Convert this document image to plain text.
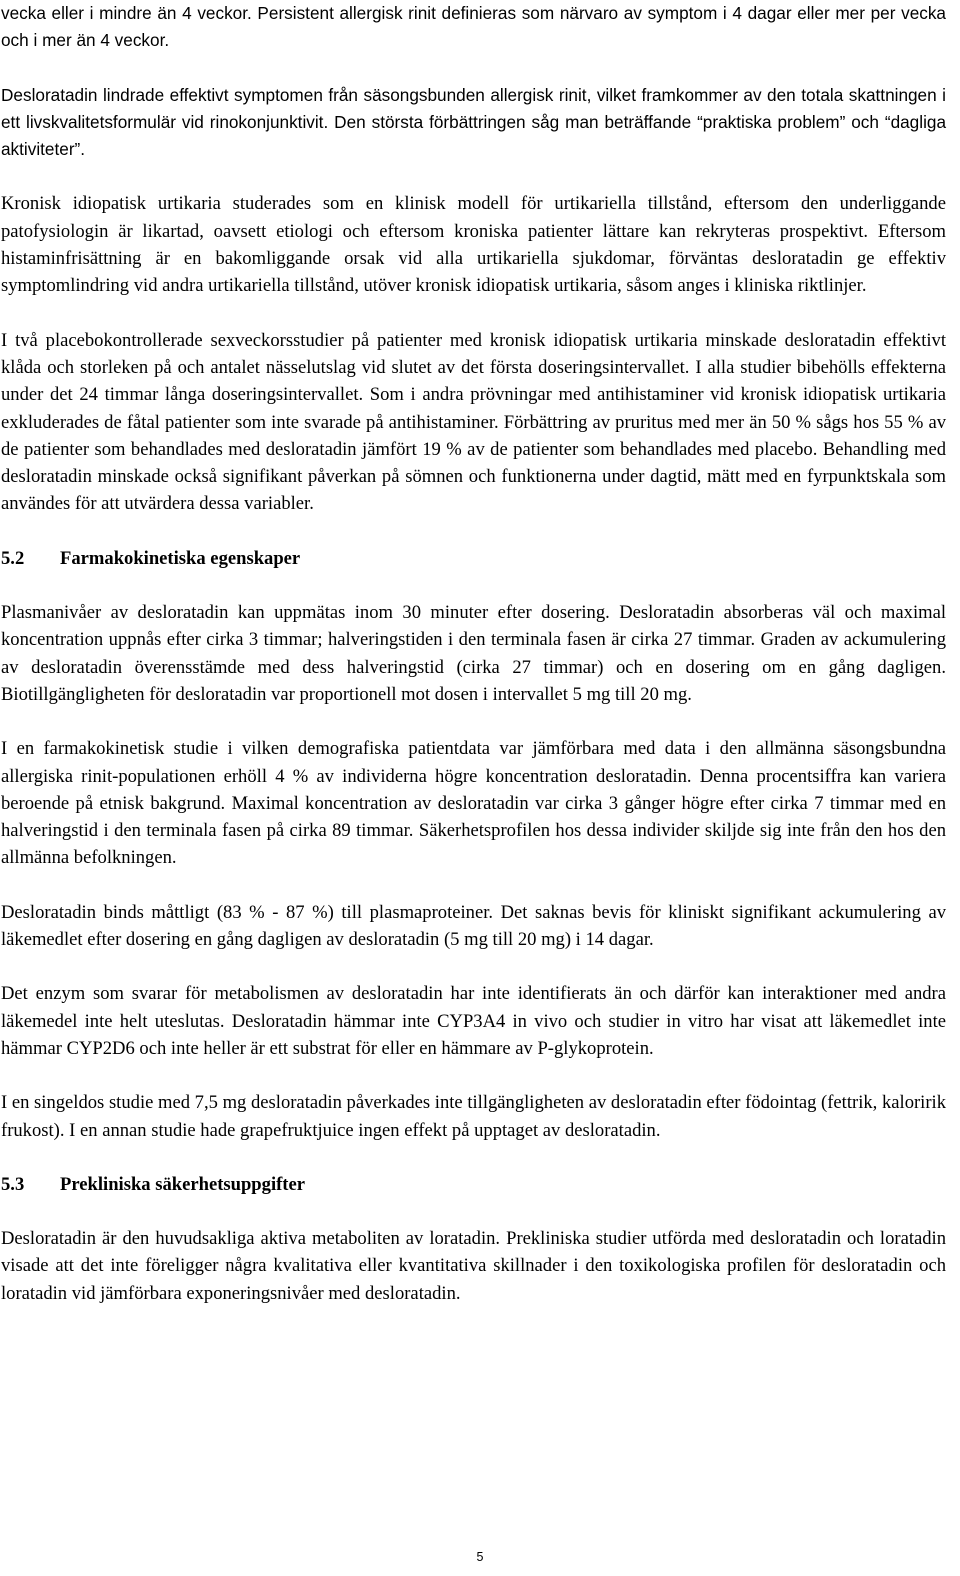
vecka eller i mindre än 4 veckor. Persistent allergisk rinit definieras som närvaro av symptom i 4 dagar eller mer per vecka och i mer än 4 veckor.

Desloratadin lindrade effektivt symptomen från säsongsbunden allergisk rinit, vilket framkommer av den totala skattningen i ett livskvalitetsformulär vid rinokonjunktivit. Den största förbättringen såg man beträffande “praktiska problem” och “dagliga aktiviteter”.

Kronisk idiopatisk urtikaria studerades som en klinisk modell för urtikariella tillstånd, eftersom den underliggande patofysiologin är likartad, oavsett etiologi och eftersom kroniska patienter lättare kan rekryteras prospektivt. Eftersom histaminfrisättning är en bakomliggande orsak vid alla urtikariella sjukdomar, förväntas desloratadin ge effektiv symptomlindring vid andra urtikariella tillstånd, utöver kronisk idiopatisk urtikaria, såsom anges i kliniska riktlinjer.

I två placebokontrollerade sexveckorsstudier på patienter med kronisk idiopatisk urtikaria minskade desloratadin effektivt klåda och storleken på och antalet nässelutslag vid slutet av det första doseringsintervallet. I alla studier bibehölls effekterna under det 24 timmar långa doseringsintervallet. Som i andra prövningar med antihistaminer vid kronisk idiopatisk urtikaria exkluderades de fåtal patienter som inte svarade på antihistaminer. Förbättring av pruritus med mer än 50 % sågs hos 55 % av de patienter som behandlades med desloratadin jämfört 19 % av de patienter som behandlades med placebo. Behandling med desloratadin minskade också signifikant påverkan på sömnen och funktionerna under dagtid, mätt med en fyrpunktskala som användes för att utvärdera dessa variabler.

5.2	Farmakokinetiska egenskaper

Plasmanivåer av desloratadin kan uppmätas inom 30 minuter efter dosering. Desloratadin absorberas väl och maximal koncentration uppnås efter cirka 3 timmar; halveringstiden i den terminala fasen är cirka 27 timmar. Graden av ackumulering av desloratadin överensstämde med dess halveringstid (cirka 27 timmar) och en dosering om en gång dagligen. Biotillgängligheten för desloratadin var proportionell mot dosen i intervallet 5 mg till 20 mg.

I en farmakokinetisk studie i vilken demografiska patientdata var jämförbara med data i den allmänna säsongsbundna allergiska rinit-populationen erhöll 4 % av individerna högre koncentration desloratadin. Denna procentsiffra kan variera beroende på etnisk bakgrund. Maximal koncentration av desloratadin var cirka 3 gånger högre efter cirka 7 timmar med en halveringstid i den terminala fasen på cirka 89 timmar. Säkerhetsprofilen hos dessa individer skiljde sig inte från den hos den allmänna befolkningen.

Desloratadin binds måttligt (83 % - 87 %) till plasmaproteiner. Det saknas bevis för kliniskt signifikant ackumulering av läkemedlet efter dosering en gång dagligen av desloratadin (5 mg till 20 mg) i 14 dagar.

Det enzym som svarar för metabolismen av desloratadin har inte identifierats än och därför kan interaktioner med andra läkemedel inte helt uteslutas. Desloratadin hämmar inte CYP3A4 in vivo och studier in vitro har visat att läkemedlet inte hämmar CYP2D6 och inte heller är ett substrat för eller en hämmare av P-glykoprotein.

I en singeldos studie med 7,5 mg desloratadin påverkades inte tillgängligheten av desloratadin efter födointag (fettrik, kaloririk frukost). I en annan studie hade grapefruktjuice ingen effekt på upptaget av desloratadin.

5.3	Prekliniska säkerhetsuppgifter

Desloratadin är den huvudsakliga aktiva metaboliten av loratadin. Prekliniska studier utförda med desloratadin och loratadin visade att det inte föreligger några kvalitativa eller kvantitativa skillnader i den toxikologiska profilen för desloratadin och loratadin vid jämförbara exponeringsnivåer med desloratadin.

5
